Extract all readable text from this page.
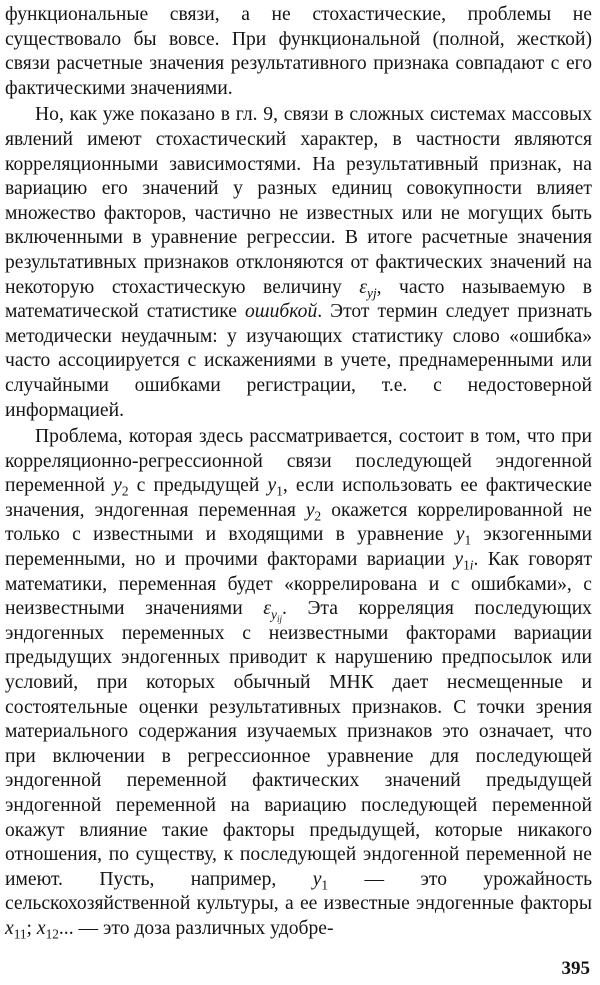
функциональные связи, а не стохастические, проблемы не существовало бы вовсе. При функциональной (полной, жесткой) связи расчетные значения результативного признака совпадают с его фактическими значениями.

Но, как уже показано в гл. 9, связи в сложных системах массовых явлений имеют стохастический характер, в частности являются корреляционными зависимостями. На результативный признак, на вариацию его значений у разных единиц совокупности влияет множество факторов, частично не известных или не могущих быть включенными в уравнение регрессии. В итоге расчетные значения результативных признаков отклоняются от фактических значений на некоторую стохастическую величину $\varepsilon_{yj}$, часто называемую в математической статистике ошибкой. Этот термин следует признать методически неудачным: у изучающих статистику слово «ошибка» часто ассоциируется с искажениями в учете, преднамеренными или случайными ошибками регистрации, т.е. с недостоверной информацией.

Проблема, которая здесь рассматривается, состоит в том, что при корреляционно-регрессионной связи последующей эндогенной переменной $y_2$ с предыдущей $y_1$, если использовать ее фактические значения, эндогенная переменная $y_2$ окажется коррелированной не только с известными и входящими в уравнение $y_1$ экзогенными переменными, но и прочими факторами вариации $y_{1i}$. Как говорят математики, переменная будет «коррелирована и с ошибками», с неизвестными значениями $\varepsilon_{y_{ij}}$. Эта корреляция последующих эндогенных переменных с неизвестными факторами вариации предыдущих эндогенных приводит к нарушению предпосылок или условий, при которых обычный МНК дает несмещенные и состоятельные оценки результативных признаков. С точки зрения материального содержания изучаемых признаков это означает, что при включении в регрессионное уравнение для последующей эндогенной переменной фактических значений предыдущей эндогенной переменной на вариацию последующей переменной окажут влияние такие факторы предыдущей, которые никакого отношения, по существу, к последующей эндогенной переменной не имеют. Пусть, например, $y_1$ — это урожайность сельскохозяйственной культуры, а ее известные эндогенные факторы $x_{11}$; $x_{12}$... — это доза различных удобре-

395
